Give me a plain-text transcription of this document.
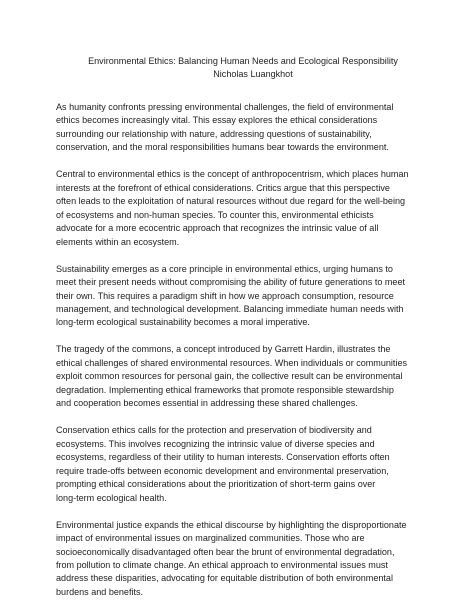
Environmental Ethics: Balancing Human Needs and Ecological Responsibility
Nicholas Luangkhot

As humanity confronts pressing environmental challenges, the field of environmental
ethics becomes increasingly vital. This essay explores the ethical considerations
surrounding our relationship with nature, addressing questions of sustainability,
conservation, and the moral responsibilities humans bear towards the environment.

Central to environmental ethics is the concept of anthropocentrism, which places human
interests at the forefront of ethical considerations. Critics argue that this perspective
often leads to the exploitation of natural resources without due regard for the well-being
of ecosystems and non-human species. To counter this, environmental ethicists
advocate for a more ecocentric approach that recognizes the intrinsic value of all
elements within an ecosystem.

Sustainability emerges as a core principle in environmental ethics, urging humans to
meet their present needs without compromising the ability of future generations to meet
their own. This requires a paradigm shift in how we approach consumption, resource
management, and technological development. Balancing immediate human needs with
long-term ecological sustainability becomes a moral imperative.

The tragedy of the commons, a concept introduced by Garrett Hardin, illustrates the
ethical challenges of shared environmental resources. When individuals or communities
exploit common resources for personal gain, the collective result can be environmental
degradation. Implementing ethical frameworks that promote responsible stewardship
and cooperation becomes essential in addressing these shared challenges.

Conservation ethics calls for the protection and preservation of biodiversity and
ecosystems. This involves recognizing the intrinsic value of diverse species and
ecosystems, regardless of their utility to human interests. Conservation efforts often
require trade-offs between economic development and environmental preservation,
prompting ethical considerations about the prioritization of short-term gains over
long-term ecological health.

Environmental justice expands the ethical discourse by highlighting the disproportionate
impact of environmental issues on marginalized communities. Those who are
socioeconomically disadvantaged often bear the brunt of environmental degradation,
from pollution to climate change. An ethical approach to environmental issues must
address these disparities, advocating for equitable distribution of both environmental
burdens and benefits.
